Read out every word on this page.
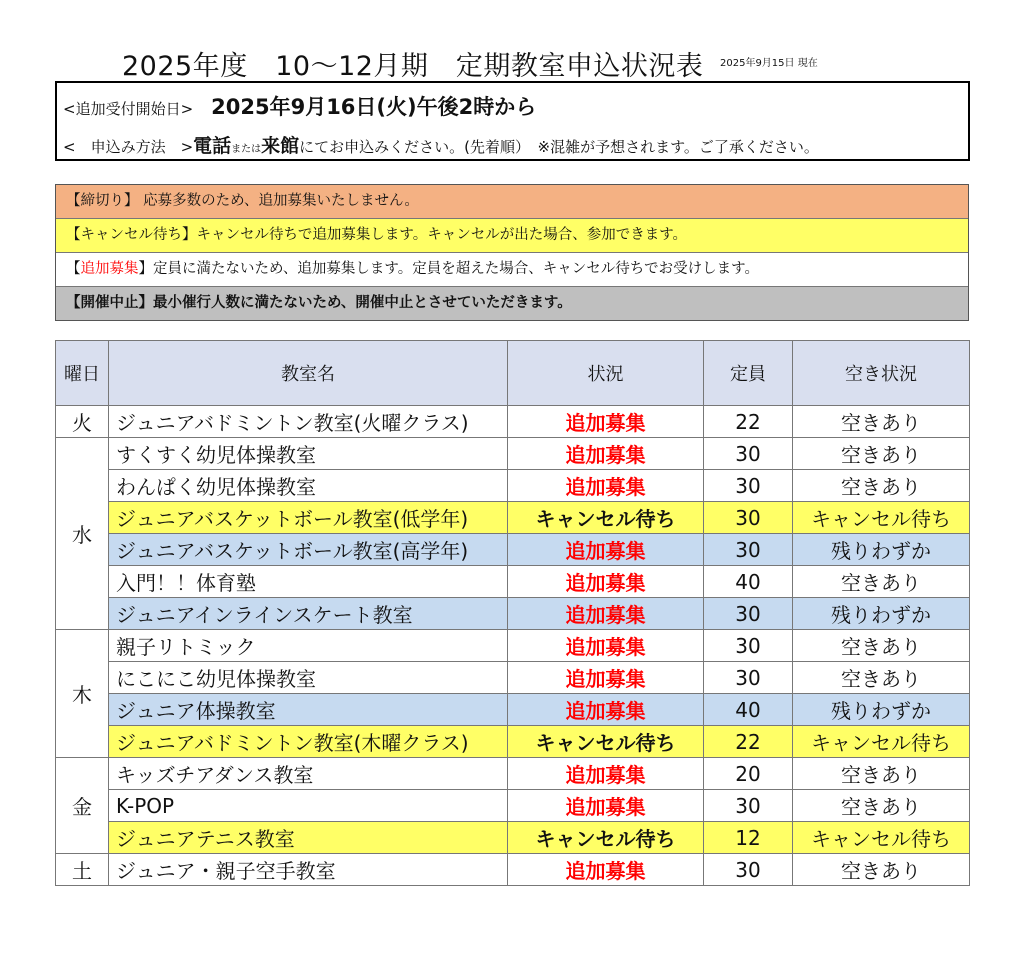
2025年度　10～12月期　定期教室申込状況表 2025年9月15日 現在
<追加受付開始日> 2025年9月16日(火)午後2時から
<　申込み方法　>電話または来館にてお申込みください。(先着順）　※混雑が予想されます。ご了承ください。
【締切り】 応募多数のため、追加募集いたしません。
【キャンセル待ち】キャンセル待ちで追加募集します。キャンセルが出た場合、参加できます。
【追加募集】定員に満たないため、追加募集します。定員を超えた場合、キャンセル待ちでお受けします。
【開催中止】最小催行人数に満たないため、開催中止とさせていただきます。
曜日	教室名	状況	定員	空き状況
火	ジュニアバドミントン教室(火曜クラス)	追加募集	22	空きあり
水	すくすく幼児体操教室	追加募集	30	空きあり
	わんぱく幼児体操教室	追加募集	30	空きあり
	ジュニアバスケットボール教室(低学年)	キャンセル待ち	30	キャンセル待ち
	ジュニアバスケットボール教室(高学年)	追加募集	30	残りわずか
	入門！！体育塾	追加募集	40	空きあり
	ジュニアインラインスケート教室	追加募集	30	残りわずか
木	親子リトミック	追加募集	30	空きあり
	にこにこ幼児体操教室	追加募集	30	空きあり
	ジュニア体操教室	追加募集	40	残りわずか
	ジュニアバドミントン教室(木曜クラス)	キャンセル待ち	22	キャンセル待ち
金	キッズチアダンス教室	追加募集	20	空きあり
	K-POP	追加募集	30	空きあり
	ジュニアテニス教室	キャンセル待ち	12	キャンセル待ち
土	ジュニア・親子空手教室	追加募集	30	空きあり
